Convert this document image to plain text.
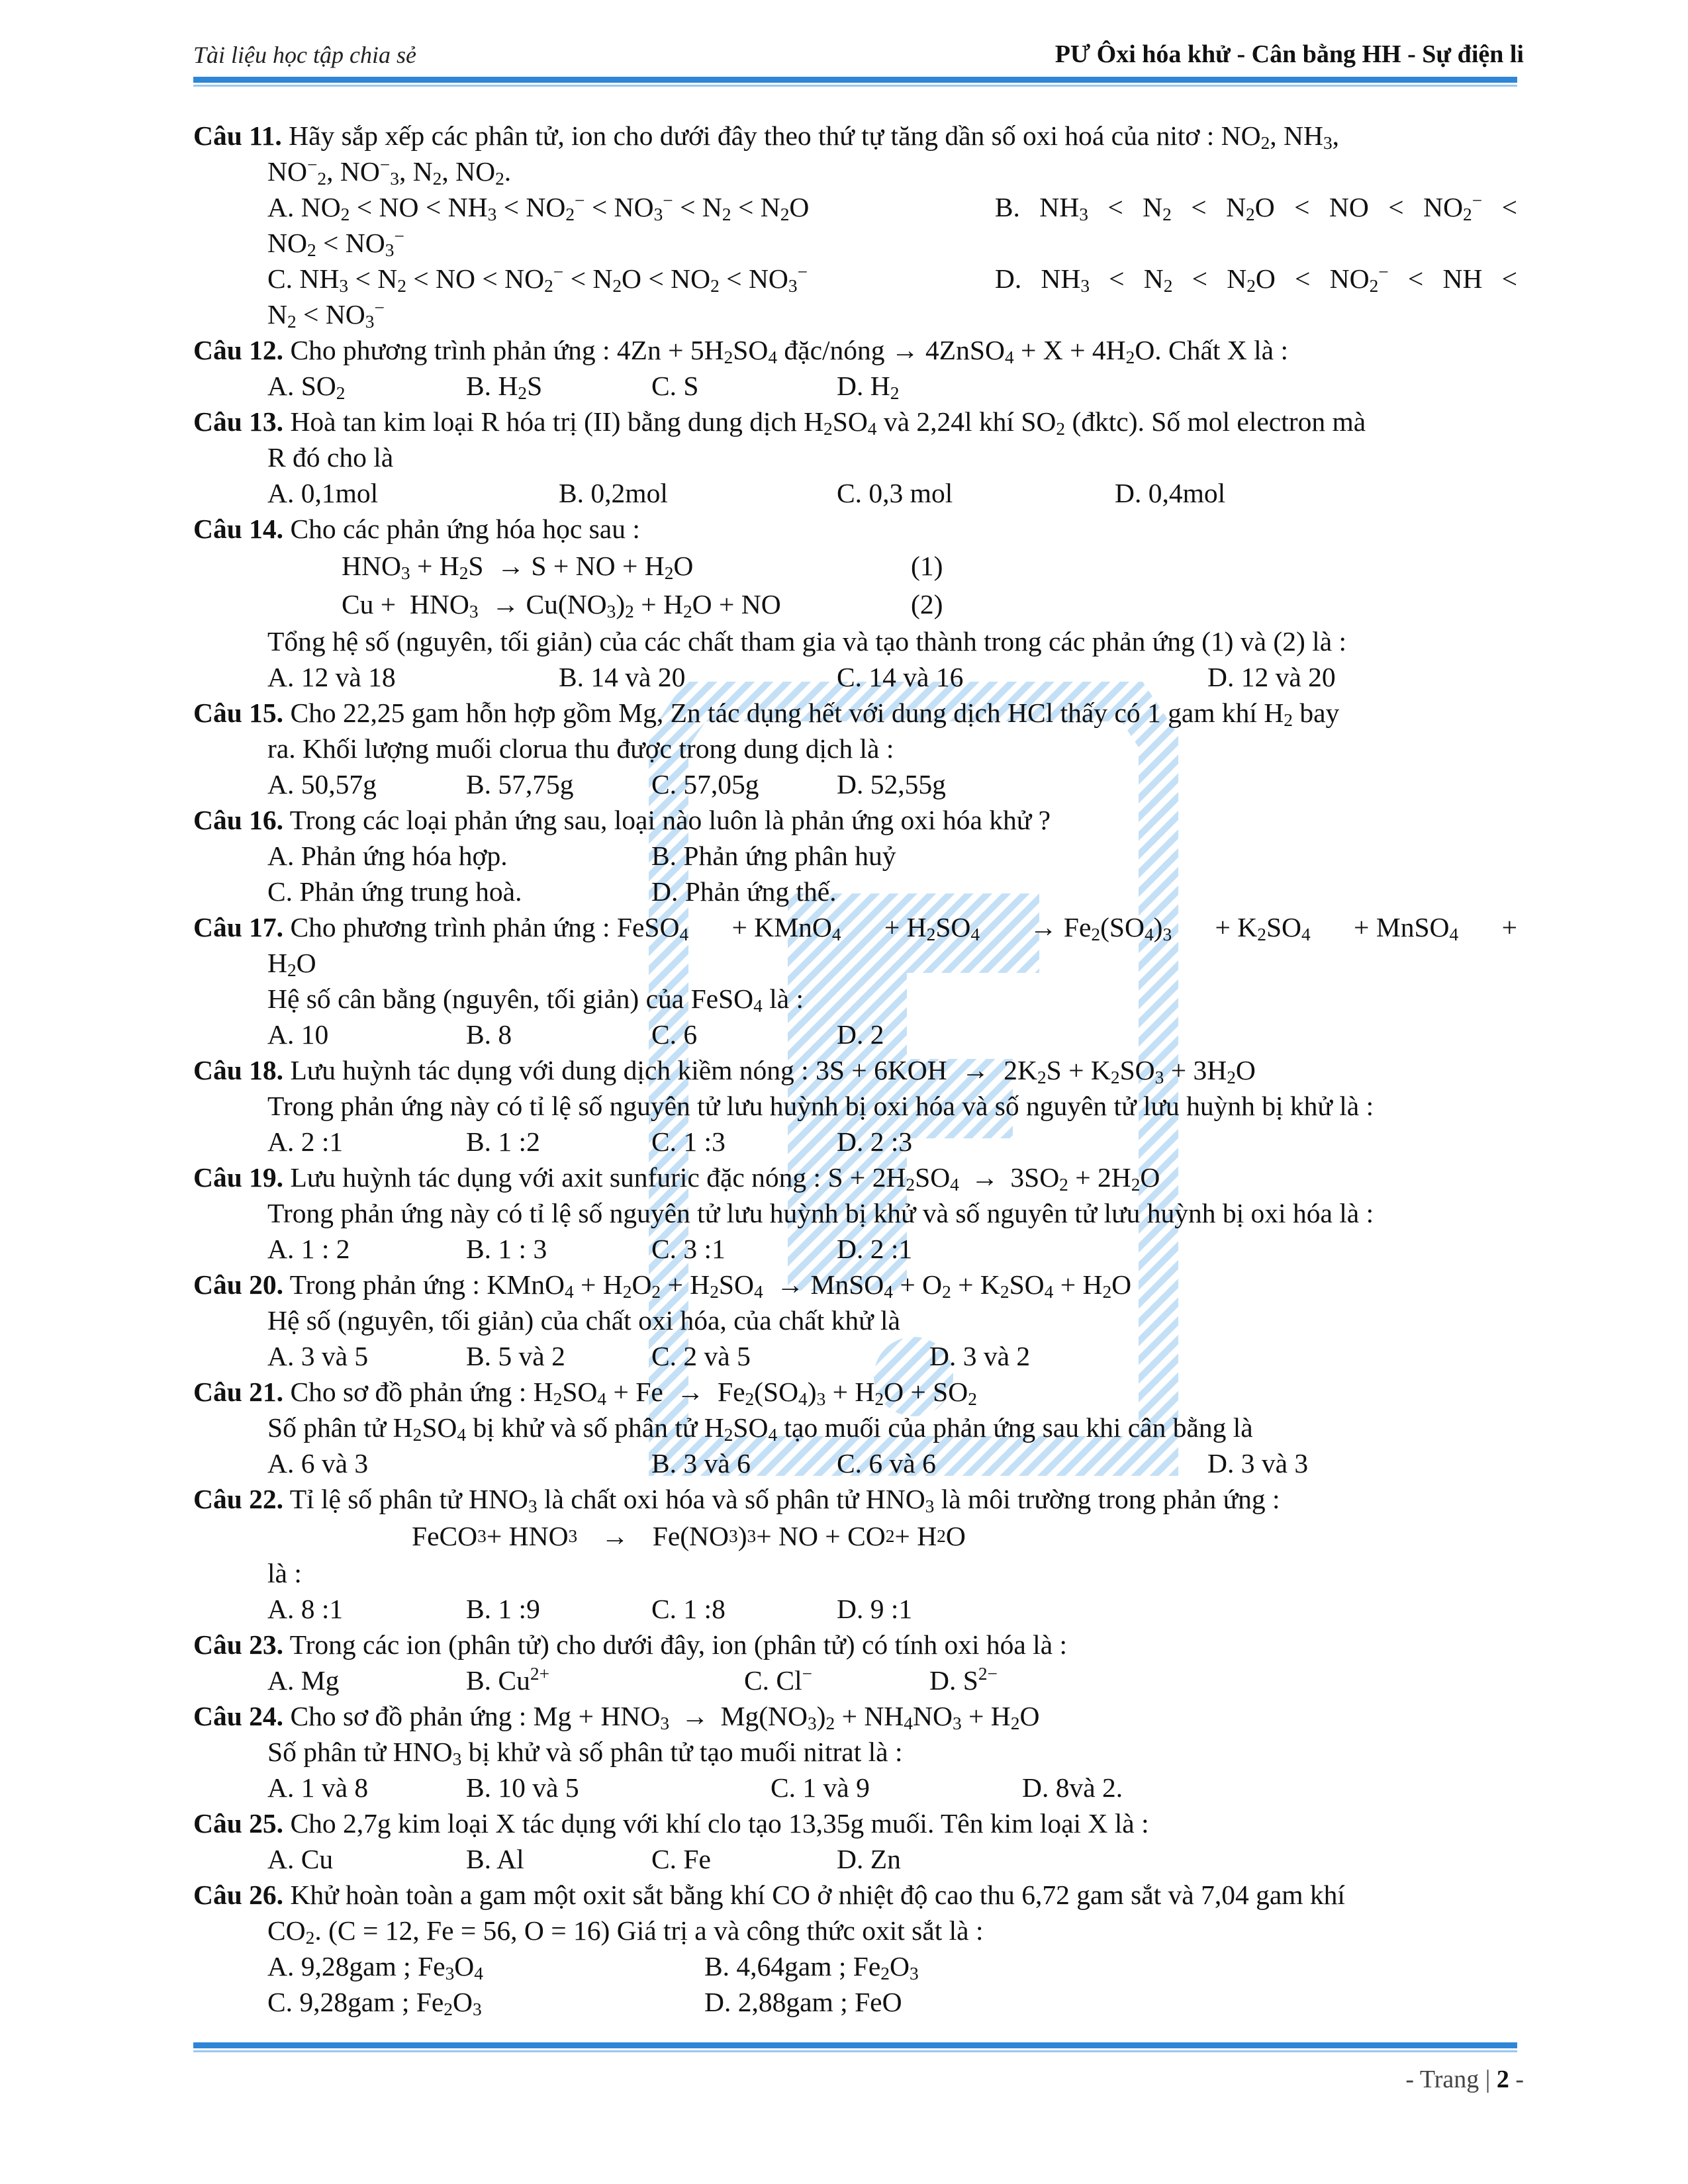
Tài liệu học tập chia sẻ	PƯ Ôxi hóa khử - Cân bằng HH - Sự điện li
Câu 11. Hãy sắp xếp các phân tử, ion cho dưới đây theo thứ tự tăng dần số oxi hoá của nitơ : $NO_2$, $NH_3$,
$NO^-_2$, $NO^-_3$, $N_2$, $NO_2$.
A. $NO_2$ < NO < $NH_3 < NO_2^- < NO_3^- < N_2 < N_2O$	B. $NH_3 < N_2 < N_2O$ < NO < $NO_2^-$ <
$NO_2 < NO_3^-$
C. $NH_3 < N_2$ < NO < $NO_2^- < N_2O < NO_2 < NO_3^-$	D. $NH_3 < N_2 < N_2O < NO_2^-$ < NH <
$N_2 < NO_3^-$
Câu 12. Cho phương trình phản ứng : $4Zn + 5H_2SO_4$ đặc/nóng → 4ZnSO$_4$ + $X + 4H_2O$. Chất X là :
A. $SO_2$	B. $H_2S$	C. S	D. $H_2$
Câu 13. Hoà tan kim loại R hóa trị (II) bằng dung dịch $H_2SO_4$ và 2,24l khí $SO_2$ (đktc). Số mol electron mà
R đó cho là
A. 0,1mol	B. 0,2mol	C. 0,3 mol	D. 0,4mol
Câu 14. Cho các phản ứng hóa học sau :
$HNO_3 + H_2S \to S$ + NO + $H_2O$	(1)
$Cu + HNO_3 \to Cu(NO_3)_2 + H_2O$ + NO	(2)
Tổng hệ số (nguyên, tối giản) của các chất tham gia và tạo thành trong các phản ứng (1) và (2) là :
A. 12 và 18	B. 14 và 20	C. 14 và 16	D. 12 và 20
Câu 15. Cho 22,25 gam hỗn hợp gồm Mg, Zn tác dụng hết với dung dịch HCl thấy có 1 gam khí $H_2$ bay
ra. Khối lượng muối clorua thu được trong dung dịch là :
A. 50,57g	B. 57,75g	C. 57,05g	D. 52,55g
Câu 16. Trong các loại phản ứng sau, loại nào luôn là phản ứng oxi hóa khử ?
A. Phản ứng hóa hợp.	B. Phản ứng phân huỷ
C. Phản ứng trung hoà.	D. Phản ứng thế.
Câu 17. Cho phương trình phản ứng : FeSO$_4$ + KMnO$_4$ + $H_2SO_4 \to Fe_2(SO_4)_3 + K_2SO_4$ + MnSO$_4$ +
$H_2O$
Hệ số cân bằng (nguyên, tối giản) của FeSO$_4$ là :
A. 10	B. 8	C. 6	D. 2
Câu 18. Lưu huỳnh tác dụng với dung dịch kiềm nóng : $3S + 6KOH \to 2K_2S + K_2SO_3 + 3H_2O$
Trong phản ứng này có tỉ lệ số nguyên tử lưu huỳnh bị oxi hóa và số nguyên tử lưu huỳnh bị khử là :
A. 2 :1	B. 1 :2	C. 1 :3	D. 2 :3
Câu 19. Lưu huỳnh tác dụng với axit sunfuric đặc nóng : $S + 2H_2SO_4 \to 3SO_2 + 2H_2O$
Trong phản ứng này có tỉ lệ số nguyên tử lưu huỳnh bị khử và số nguyên tử lưu huỳnh bị oxi hóa là :
A. 1 : 2	B. 1 : 3	C. 3 :1	D. 2 :1
Câu 20. Trong phản ứng : KMnO$_4$ + $H_2O_2 + H_2SO_4$ → MnSO$_4$ + $O_2 + K_2SO_4 + H_2O$
Hệ số (nguyên, tối giản) của chất oxi hóa, của chất khử là
A. 3 và 5	B. 5 và 2	C. 2 và 5	D. 3 và 2
Câu 21. Cho sơ đồ phản ứng : $H_2SO_4 + Fe \to Fe_2(SO_4)_3 + H_2O + SO_2$
Số phân tử $H_2SO_4$ bị khử và số phân tử $H_2SO_4$ tạo muối của phản ứng sau khi cân bằng là
A. 6 và 3	B. 3 và 6	C. 6 và 6	D. 3 và 3
Câu 22. Tỉ lệ số phân tử $HNO_3$ là chất oxi hóa và số phân tử $HNO_3$ là môi trường trong phản ứng :
FeCO 3 + HNO 3 → Fe(NO 3 ) 3 + NO + CO 2 + H 2 O
là :
A. 8 :1	B. 1 :9	C. 1 :8	D. 9 :1
Câu 23. Trong các ion (phân tử) cho dưới đây, ion (phân tử) có tính oxi hóa là :
A. Mg	B. $Cu^{2+}$	C. Cl−	D. $S^{2-}$
Câu 24. Cho sơ đồ phản ứng : $Mg + HNO_3 \to Mg(NO_3)_2 + NH_4NO_3 + H_2O$
Số phân tử $HNO_3$ bị khử và số phân tử tạo muối nitrat là :
A. 1 và 8	B. 10 và 5	C. 1 và 9	D. 8và 2.
Câu 25. Cho 2,7g kim loại X tác dụng với khí clo tạo 13,35g muối. Tên kim loại X là :
A. Cu	B. Al	C. Fe	D. Zn
Câu 26. Khử hoàn toàn a gam một oxit sắt bằng khí CO ở nhiệt độ cao thu 6,72 gam sắt và 7,04 gam khí
$CO_2$. (C = 12, Fe = 56, O = 16) Giá trị a và công thức oxit sắt là :
A. 9,28gam ; $Fe_3O_4$	B. 4,64gam ; $Fe_2O_3$
C. 9,28gam ; $Fe_2O_3$	D. 2,88gam ; FeO
- Trang | 2 -
